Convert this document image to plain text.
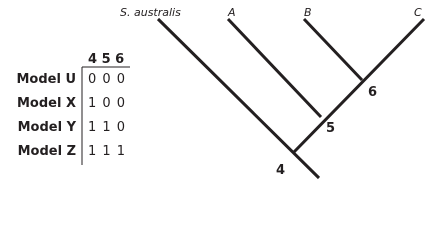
4 5 6
Model U 0 0 0
Model X 1 0 0
Model Y 1 1 0
Model Z 1 1 1
S. australis	A	B	C
4
5
6
